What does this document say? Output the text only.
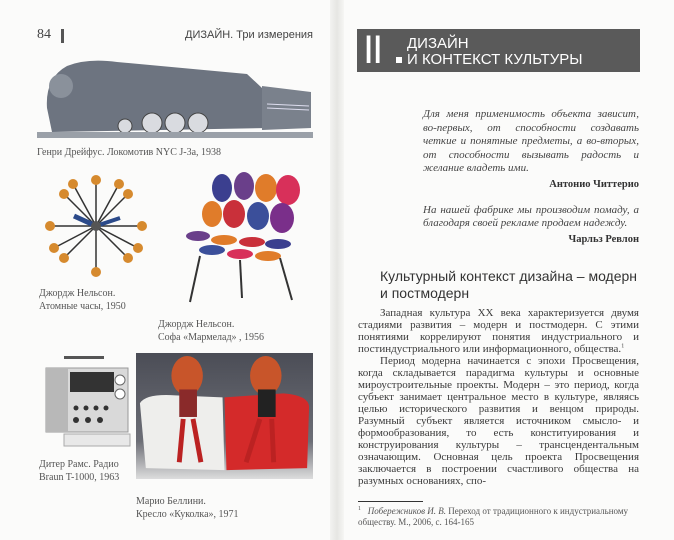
84	ДИЗАЙН. Три измерения
Генри Дрейфус. Локомотив NYC J-3a, 1938
Джордж Нельсон.
Атомные часы, 1950
Джордж Нельсон.
Софа «Мармелад» , 1956
Дитер Рамс. Радио
Braun T-1000, 1963
Марио Беллини.
Кресло «Куколка», 1971
II ДИЗАЙН
И КОНТЕКСТ КУЛЬТУРЫ
Для меня применимость объекта зависит, во-первых, от способности создавать четкие и понятные предметы, а во-вторых, от способности вызывать радость и желание владеть ими.
Антонио Читтерио
На нашей фабрике мы производим помаду, а благодаря своей рекламе продаем надежду.
Чарльз Ревлон
Культурный контекст дизайна – модерн и постмодерн

Западная культура XX века характеризуется двумя стадиями развития – модерн и постмодерн. С этими понятиями коррелируют понятия индустриального и постиндустриального или информационного, общества.$^1$

Период модерна начинается с эпохи Просвещения, когда складывается парадигма культуры и основные мироустроительные проекты. Модерн – это период, когда субъект занимает центральное место в культуре, являясь целью исторического развития и венцом природы. Разумный субъект является источником смысло- и формообразования, то есть конституирования и конструирования культуры – трансцендентальным означающим. Основная цель проекта Просвещения заключается в построении счастливого общества на разумных основаниях, спо-

$^1$ Побережников И. В. Переход от традиционного к индустриальному обществу. М., 2006, с. 164-165
